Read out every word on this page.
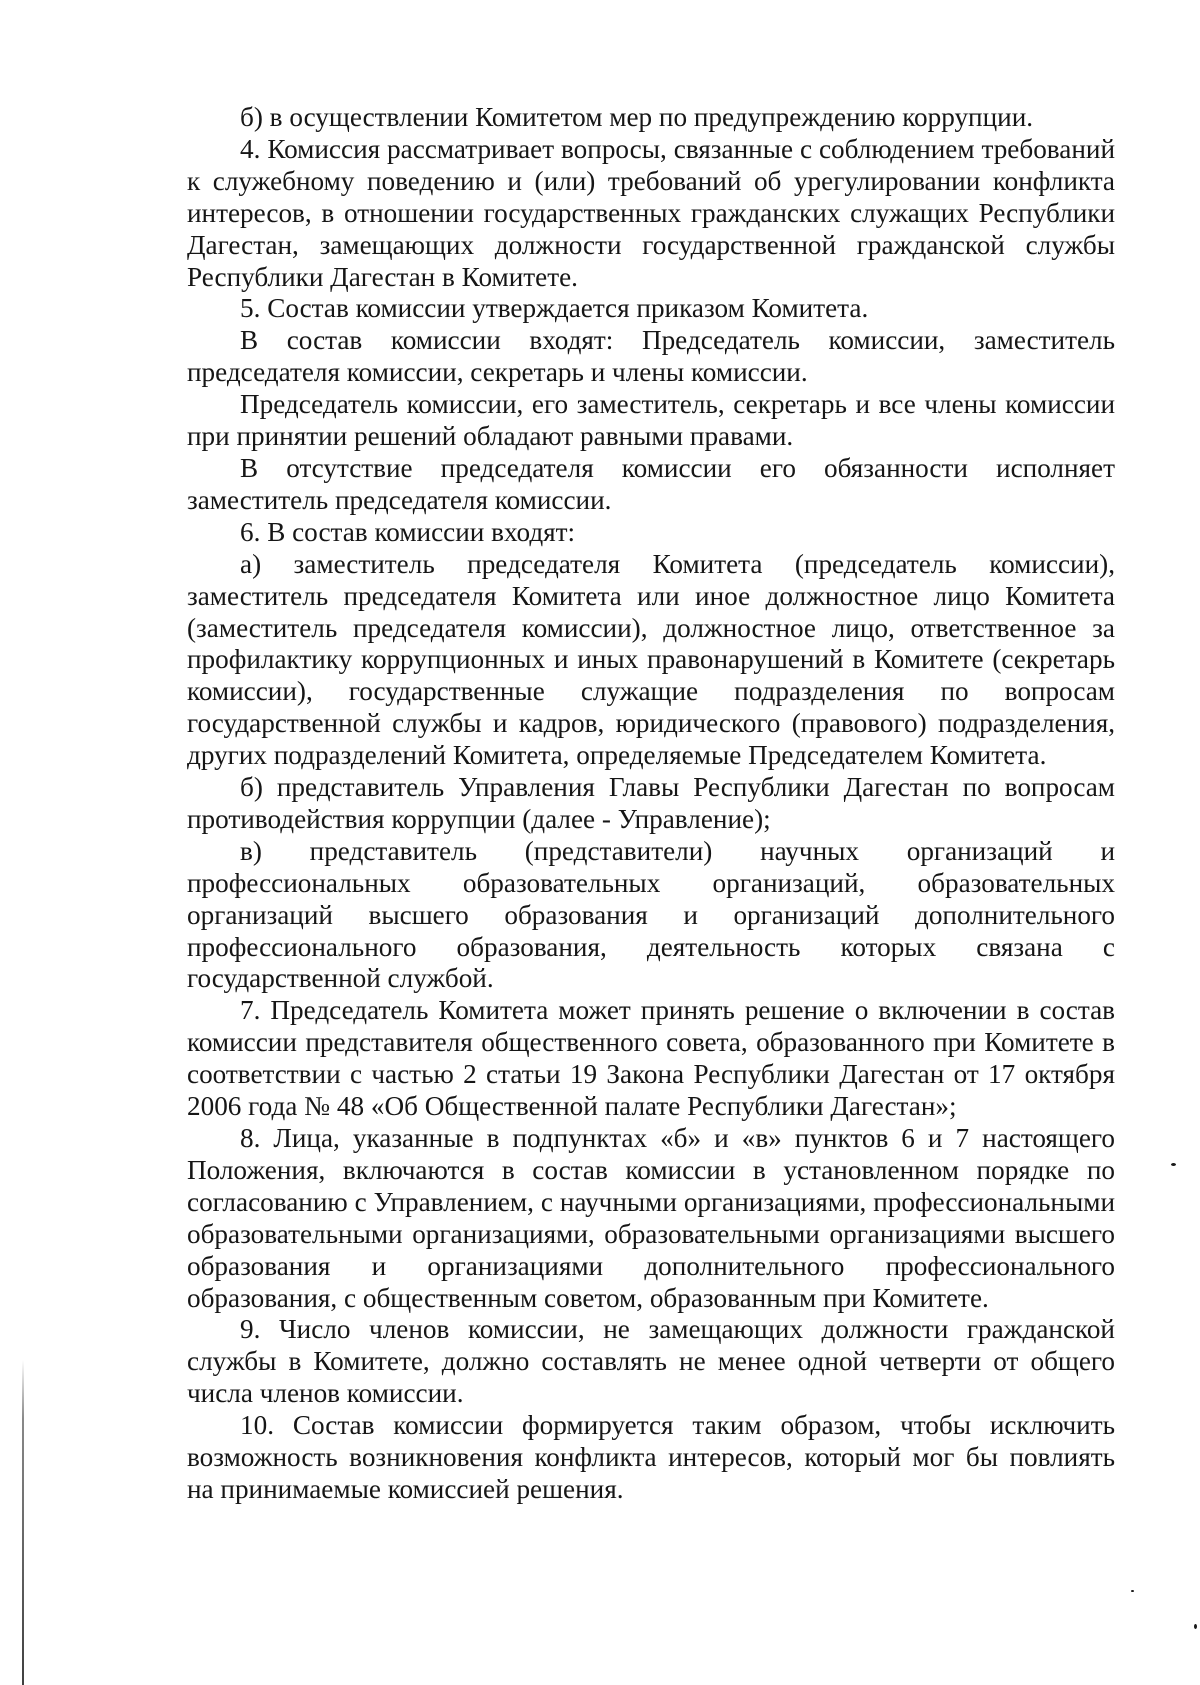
б) в осуществлении Комитетом мер по предупреждению коррупции.

4. Комиссия рассматривает вопросы, связанные с соблюдением требований к служебному поведению и (или) требований об урегулировании конфликта интересов, в отношении государственных гражданских служащих Республики Дагестан, замещающих должности государственной гражданской службы Республики Дагестан в Комитете.

5. Состав комиссии утверждается приказом Комитета.

В состав комиссии входят: Председатель комиссии, заместитель председателя комиссии, секретарь и члены комиссии.

Председатель комиссии, его заместитель, секретарь и все члены комиссии при принятии решений обладают равными правами.

В отсутствие председателя комиссии его обязанности исполняет заместитель председателя комиссии.

6. В состав комиссии входят:

а) заместитель председателя Комитета (председатель комиссии), заместитель председателя Комитета или иное должностное лицо Комитета (заместитель председателя комиссии), должностное лицо, ответственное за профилактику коррупционных и иных правонарушений в Комитете (секретарь комиссии), государственные служащие подразделения по вопросам государственной службы и кадров, юридического (правового) подразделения, других подразделений Комитета, определяемые Председателем Комитета.

б) представитель Управления Главы Республики Дагестан по вопросам противодействия коррупции (далее - Управление);

в) представитель (представители) научных организаций и профессиональных образовательных организаций, образовательных организаций высшего образования и организаций дополнительного профессионального образования, деятельность которых связана с государственной службой.

7. Председатель Комитета может принять решение о включении в состав комиссии представителя общественного совета, образованного при Комитете в соответствии с частью 2 статьи 19 Закона Республики Дагестан от 17 октября 2006 года № 48 «Об Общественной палате Республики Дагестан»;

8. Лица, указанные в подпунктах «б» и «в» пунктов 6 и 7 настоящего Положения, включаются в состав комиссии в установленном порядке по согласованию с Управлением, с научными организациями, профессиональными образовательными организациями, образовательными организациями высшего образования и организациями дополнительного профессионального образования, с общественным советом, образованным при Комитете.

9. Число членов комиссии, не замещающих должности гражданской службы в Комитете, должно составлять не менее одной четверти от общего числа членов комиссии.

10. Состав комиссии формируется таким образом, чтобы исключить возможность возникновения конфликта интересов, который мог бы повлиять на принимаемые комиссией решения.
